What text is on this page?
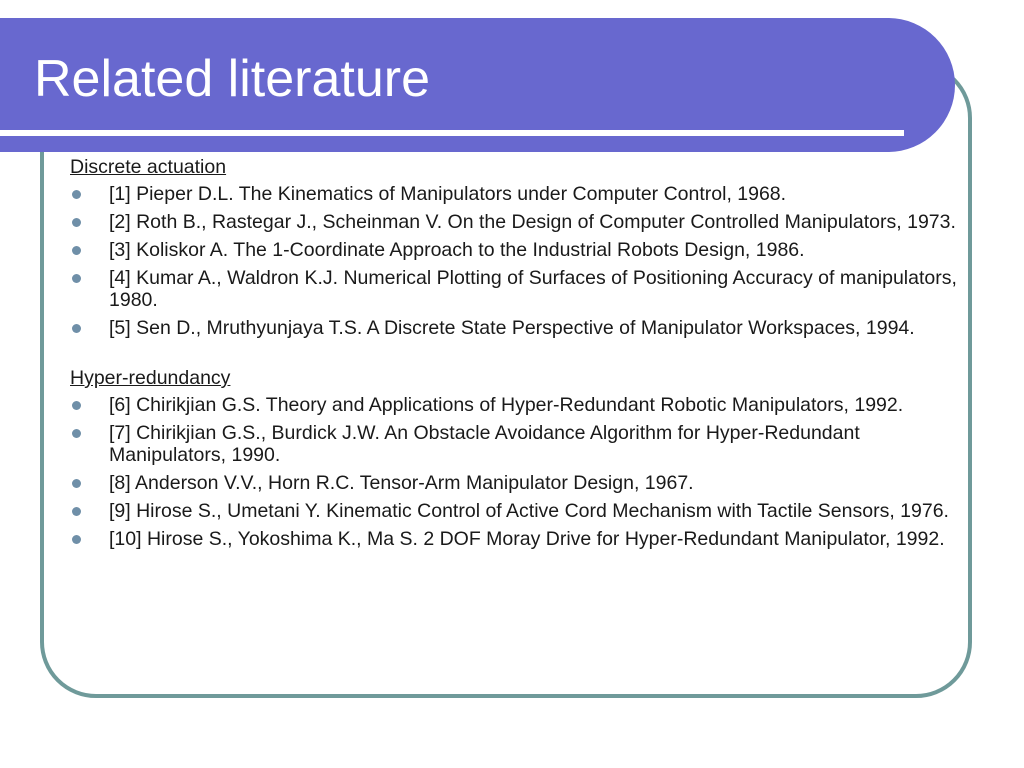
Related literature
Discrete actuation
[1] Pieper D.L. The Kinematics of Manipulators under Computer Control, 1968.
[2] Roth B., Rastegar J., Scheinman V. On the Design of Computer Controlled Manipulators, 1973.
[3] Koliskor A. The 1-Coordinate Approach to the Industrial Robots Design, 1986.
[4] Kumar A., Waldron K.J. Numerical Plotting of Surfaces of Positioning Accuracy of manipulators, 1980.
[5] Sen D., Mruthyunjaya T.S. A Discrete State Perspective of Manipulator Workspaces, 1994.
Hyper-redundancy
[6] Chirikjian G.S. Theory and Applications of Hyper-Redundant Robotic Manipulators, 1992.
[7] Chirikjian G.S., Burdick J.W. An Obstacle Avoidance Algorithm for Hyper-Redundant Manipulators, 1990.
[8] Anderson V.V., Horn R.C. Tensor-Arm Manipulator Design, 1967.
[9] Hirose S., Umetani Y. Kinematic Control of Active Cord Mechanism with Tactile Sensors, 1976.
[10] Hirose S., Yokoshima K., Ma S. 2 DOF Moray Drive for Hyper-Redundant Manipulator, 1992.
